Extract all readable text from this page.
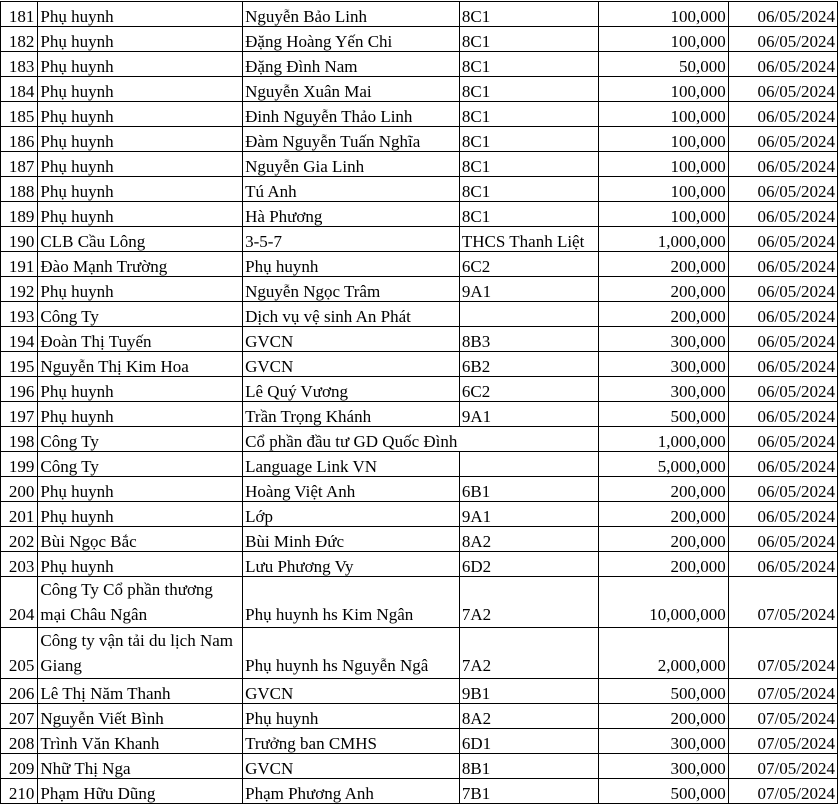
181	Phụ huynh	Nguyễn Bảo Linh	8C1	100,000	06/05/2024
182	Phụ huynh	Đặng Hoàng Yến Chi	8C1	100,000	06/05/2024
183	Phụ huynh	Đặng Đình Nam	8C1	50,000	06/05/2024
184	Phụ huynh	Nguyễn Xuân Mai	8C1	100,000	06/05/2024
185	Phụ huynh	Đinh Nguyễn Thảo Linh	8C1	100,000	06/05/2024
186	Phụ huynh	Đàm Nguyễn Tuấn Nghĩa	8C1	100,000	06/05/2024
187	Phụ huynh	Nguyễn Gia Linh	8C1	100,000	06/05/2024
188	Phụ huynh	Tú Anh	8C1	100,000	06/05/2024
189	Phụ huynh	Hà Phương	8C1	100,000	06/05/2024
190	CLB Cầu Lông	3-5-7	THCS Thanh Liệt	1,000,000	06/05/2024
191	Đào Mạnh Trường	Phụ huynh	6C2	200,000	06/05/2024
192	Phụ huynh	Nguyễn Ngọc Trâm	9A1	200,000	06/05/2024
193	Công Ty	Dịch vụ vệ sinh An Phát		200,000	06/05/2024
194	Đoàn Thị Tuyến	GVCN	8B3	300,000	06/05/2024
195	Nguyễn Thị Kim Hoa	GVCN	6B2	300,000	06/05/2024
196	Phụ huynh	Lê Quý Vương	6C2	300,000	06/05/2024
197	Phụ huynh	Trần Trọng Khánh	9A1	500,000	06/05/2024
198	Công Ty	Cổ phần đầu tư GD Quốc Đình		1,000,000	06/05/2024
199	Công Ty	Language Link VN		5,000,000	06/05/2024
200	Phụ huynh	Hoàng Việt Anh	6B1	200,000	06/05/2024
201	Phụ huynh	Lớp	9A1	200,000	06/05/2024
202	Bùi Ngọc Bắc	Bùi Minh Đức	8A2	200,000	06/05/2024
203	Phụ huynh	Lưu Phương Vy	6D2	200,000	06/05/2024
204	Công Ty Cổ phần thương mại Châu Ngân	Phụ huynh hs Kim Ngân	7A2	10,000,000	07/05/2024
205	Công ty vận tải du lịch Nam Giang	Phụ huynh hs Nguyễn Ngâ	7A2	2,000,000	07/05/2024
206	Lê Thị Năm Thanh	GVCN	9B1	500,000	07/05/2024
207	Nguyễn Viết Bình	Phụ huynh	8A2	200,000	07/05/2024
208	Trình Văn Khanh	Trưởng ban CMHS	6D1	300,000	07/05/2024
209	Nhữ Thị Nga	GVCN	8B1	300,000	07/05/2024
210	Phạm Hữu Dũng	Phạm Phương Anh	7B1	500,000	07/05/2024
